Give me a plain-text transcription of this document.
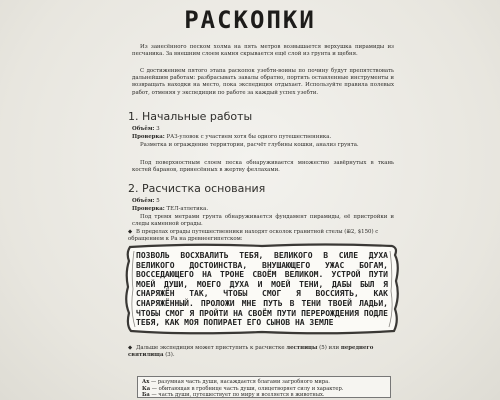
РАСКОПКИ

Из занесённого песком холма на пять метров возвышается верхушка пирамиды из песчаника. За внешним слоем камня скрывается ещё слой из грунта и щебня.

С достижением пятого этапа раскопок узебти-воины по почину будут препятствовать дальнейшим работам: разбрасывать завалы обратно, портить оставленные инструменты и возвращать находки на место, пока экспедиция отдыхает. Используйте правила полевых работ, отменяя у экспедиции по работе за каждый успех узебти.

1. Начальные работы

Объём: 3

Проверка: РАЗ-уловок с участием хотя бы одного путешественника.

Разметка и ограждение территории, расчёт глубины кошки, анализ грунта.

Под поверхностным слоем песка обнаруживается множество завёрнутых в ткань костей баранов, принесённых в жертву феллахами.

2. Расчистка основания

Объём: 5

Проверка: ТЕЛ-атлетика.

Под тремя метрами грунта обнаруживается фундамент пирамиды, её пристройки и следы каменной ограды.

◆ В пределах ограды путешественники находят осколок гранитной стелы (⊞2, $150) с обращением к Ра на древнеегипетском:

ПОЗВОЛЬ ВОСХВАЛИТЬ ТЕБЯ, ВЕЛИКОГО В СИЛЕ ДУХА ВЕЛИКОГО ДОСТОИНСТВА, ВНУШАЮЩЕГО УЖАС БОГАМ, ВОССЕДАЮЩЕГО НА ТРОНЕ СВОЁМ ВЕЛИКОМ. УСТРОЙ ПУТИ МОЕЙ ДУШИ, МОЕГО ДУХА И МОЕЙ ТЕНИ, ДАБЫ БЫЛ Я СНАРЯЖЁН ТАК, ЧТОБЫ СМОГ Я ВОССИЯТЬ, КАК СНАРЯЖЁННЫЙ. ПРОЛОЖИ МНЕ ПУТЬ В ТЕНИ ТВОЕЙ ЛАДЬИ, ЧТОБЫ СМОГ Я ПРОЙТИ НА СВОЁМ ПУТИ ПЕРЕРОЖДЕНИЯ ПОДЛЕ ТЕБЯ, КАК МОЯ ПОПИРАЕТ ЕГО СЫНОВ НА ЗЕМЛЕ

◆ Дальше экспедиция может приступить к расчистке лестницы (5) или переднего святилища (3).

Ах — разумная часть души, насаждается благами загробного мира.

Ка — обитающая в гробнице часть души, олицетворяет силу и характер.

Ба — часть души, путешествует по миру и вселяется в животных.
